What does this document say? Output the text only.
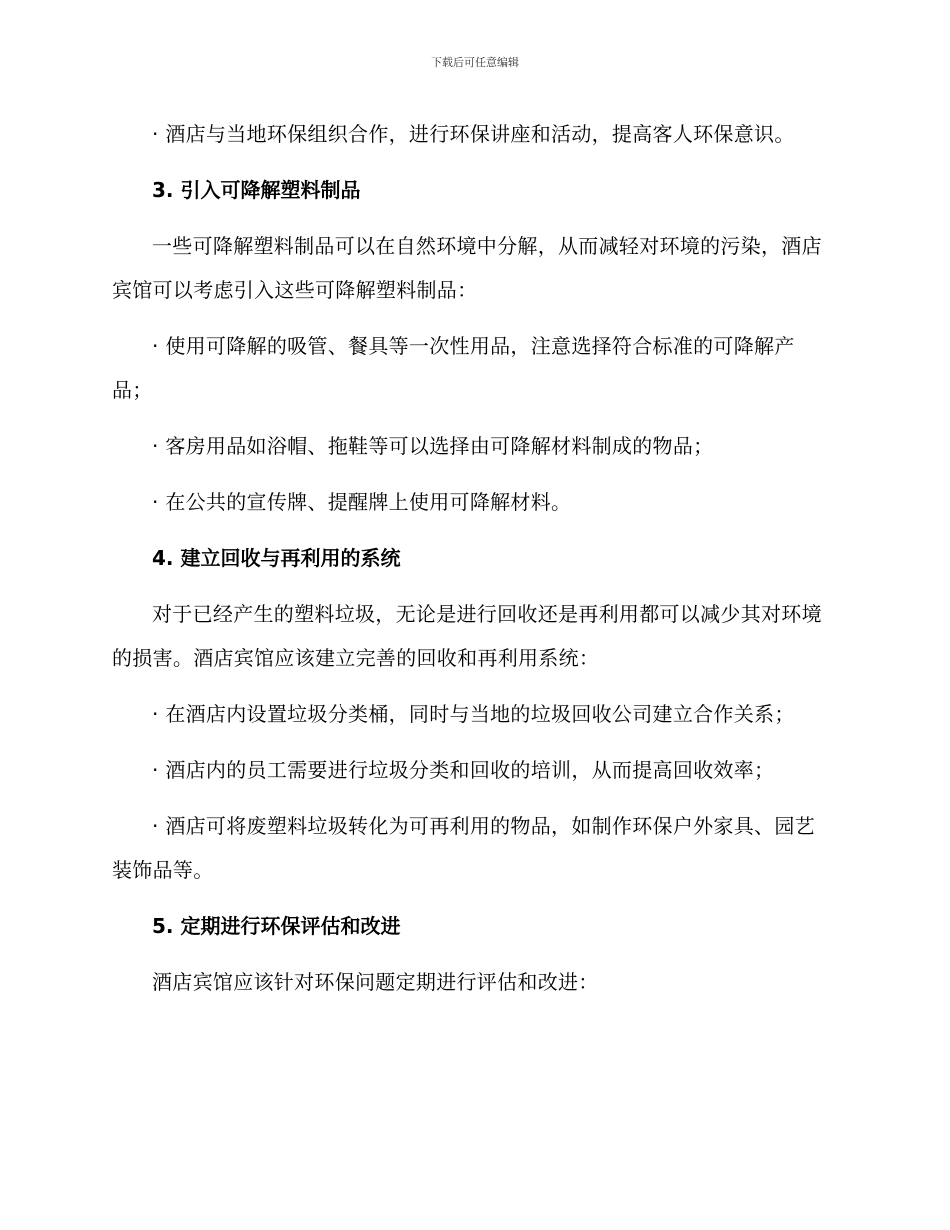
下载后可任意编辑

· 酒店与当地环保组织合作，进行环保讲座和活动，提高客人环保意识。

3. 引入可降解塑料制品

一些可降解塑料制品可以在自然环境中分解，从而减轻对环境的污染，酒店宾馆可以考虑引入这些可降解塑料制品：

· 使用可降解的吸管、餐具等一次性用品，注意选择符合标准的可降解产品；

· 客房用品如浴帽、拖鞋等可以选择由可降解材料制成的物品；

· 在公共的宣传牌、提醒牌上使用可降解材料。

4. 建立回收与再利用的系统

对于已经产生的塑料垃圾，无论是进行回收还是再利用都可以减少其对环境的损害。酒店宾馆应该建立完善的回收和再利用系统：

· 在酒店内设置垃圾分类桶，同时与当地的垃圾回收公司建立合作关系；

· 酒店内的员工需要进行垃圾分类和回收的培训，从而提高回收效率；

· 酒店可将废塑料垃圾转化为可再利用的物品，如制作环保户外家具、园艺装饰品等。

5. 定期进行环保评估和改进

酒店宾馆应该针对环保问题定期进行评估和改进：
